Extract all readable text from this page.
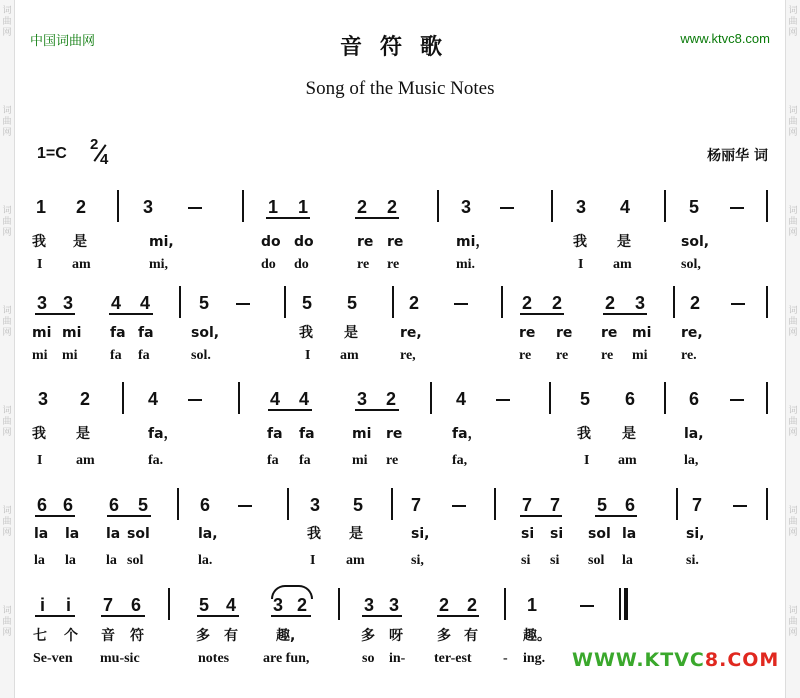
词曲网
词曲网
词曲网
词曲网
词曲网
词曲网
词曲网
词曲网
词曲网
词曲网
词曲网
词曲网
词曲网
词曲网
中国词曲网	www.ktvc8.com
音符歌
Song of the Music Notes
1=C
2
4	杨丽华 词
1 2	3	1 1	2 2	3	3 4	5
我 是	mi,	do do	re re	mi，	我 是	sol,
I am	mi,	do do	re re	mi.	I am	sol,
3 3 4 4	5	5 5	2	2 2 2 3 2
mi mi fa fa	sol,	我 是	re,	re re re mi re,
mi mi fa fa	sol.	I am	re,	re re re mi re.
3 2	4	4 4	3 2	4	5 6	6
我 是	fa，	fa fa	mi re	fa，	我 是	la,
I am	fa.	fa fa	mi re	fa,	I am	la,
6 6 6 5	6	3 5	7	7 7 5 6	7
la la la sol	la,	我 是	si,	si si sol la	si,
la la la sol	la.	I am	si,	si si sol la	si.
i i 7 6	5 4 3 2	3 3 2 2	1
七 个 音 符	多 有	趣,	多 呀 多 有	趣。
Se-ven mu-sic	notes are fun,	so in- ter-est - ing. WWW.KTVC8.COM
